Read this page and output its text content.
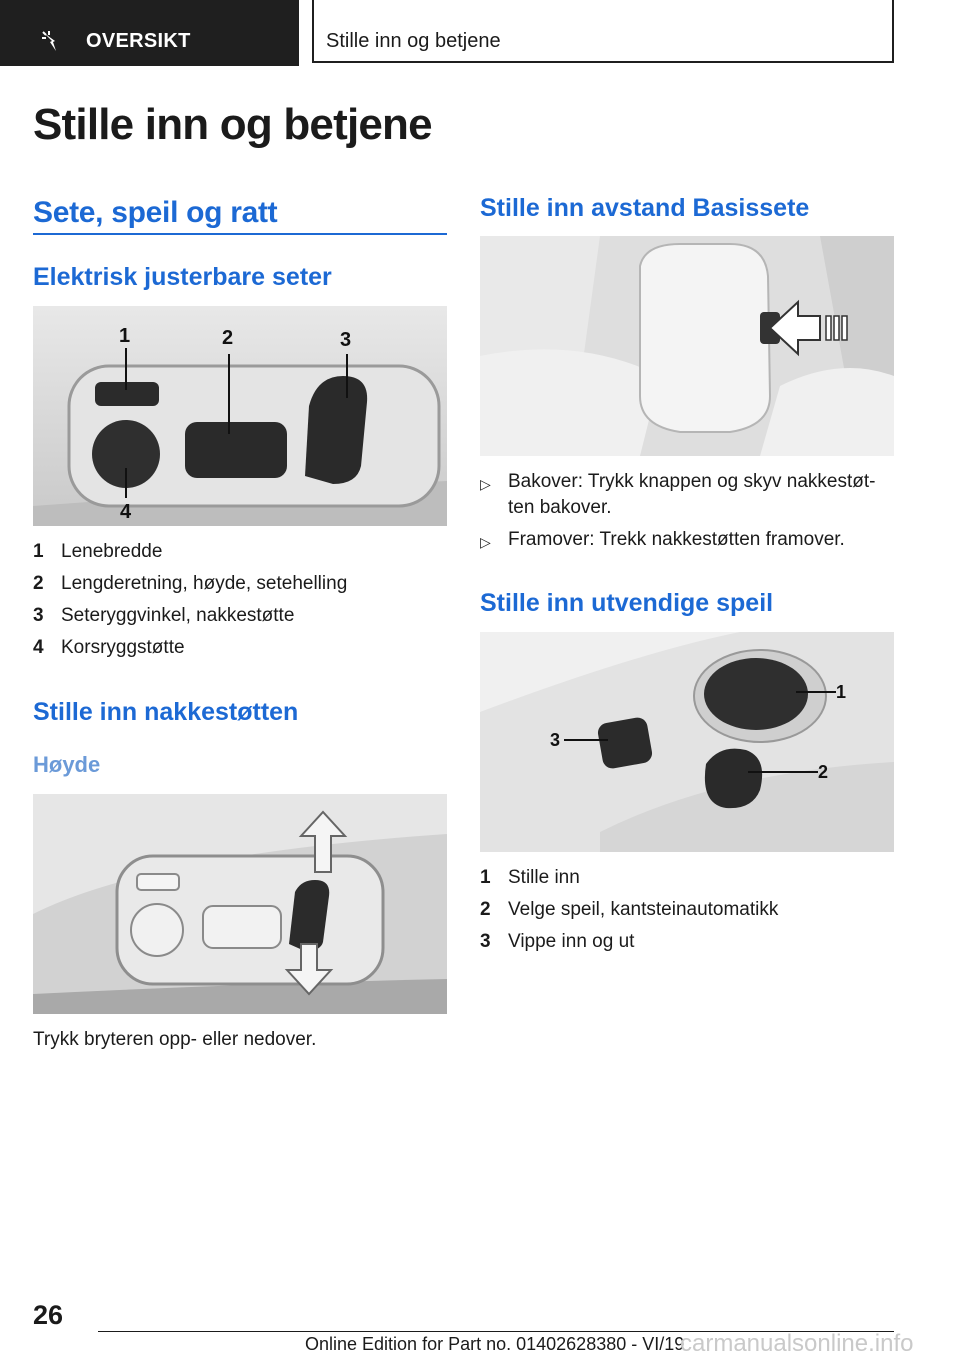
OVERSIKT	Stille inn og betjene
Stille inn og betjene
Sete, speil og ratt
Elektrisk justerbare seter
1	2	3
4
1 Lenebredde
2 Lengderetning, høyde, setehelling
3 Seteryggvinkel, nakkestøtte
4 Korsryggstøtte
Stille inn nakkestøtten
Høyde
Trykk bryteren opp- eller nedover.
Stille inn avstand Basissete
▷ Bakover: Trykk knappen og skyv nakkestøt-ten bakover.
▷ Framover: Trekk nakkestøtten framover.
Stille inn utvendige speil
1
2
3
1 Stille inn
2 Velge speil, kantsteinautomatikk
3 Vippe inn og ut
26
Online Edition for Part no. 01402628380 - VI/19
carmanualsonline.info
